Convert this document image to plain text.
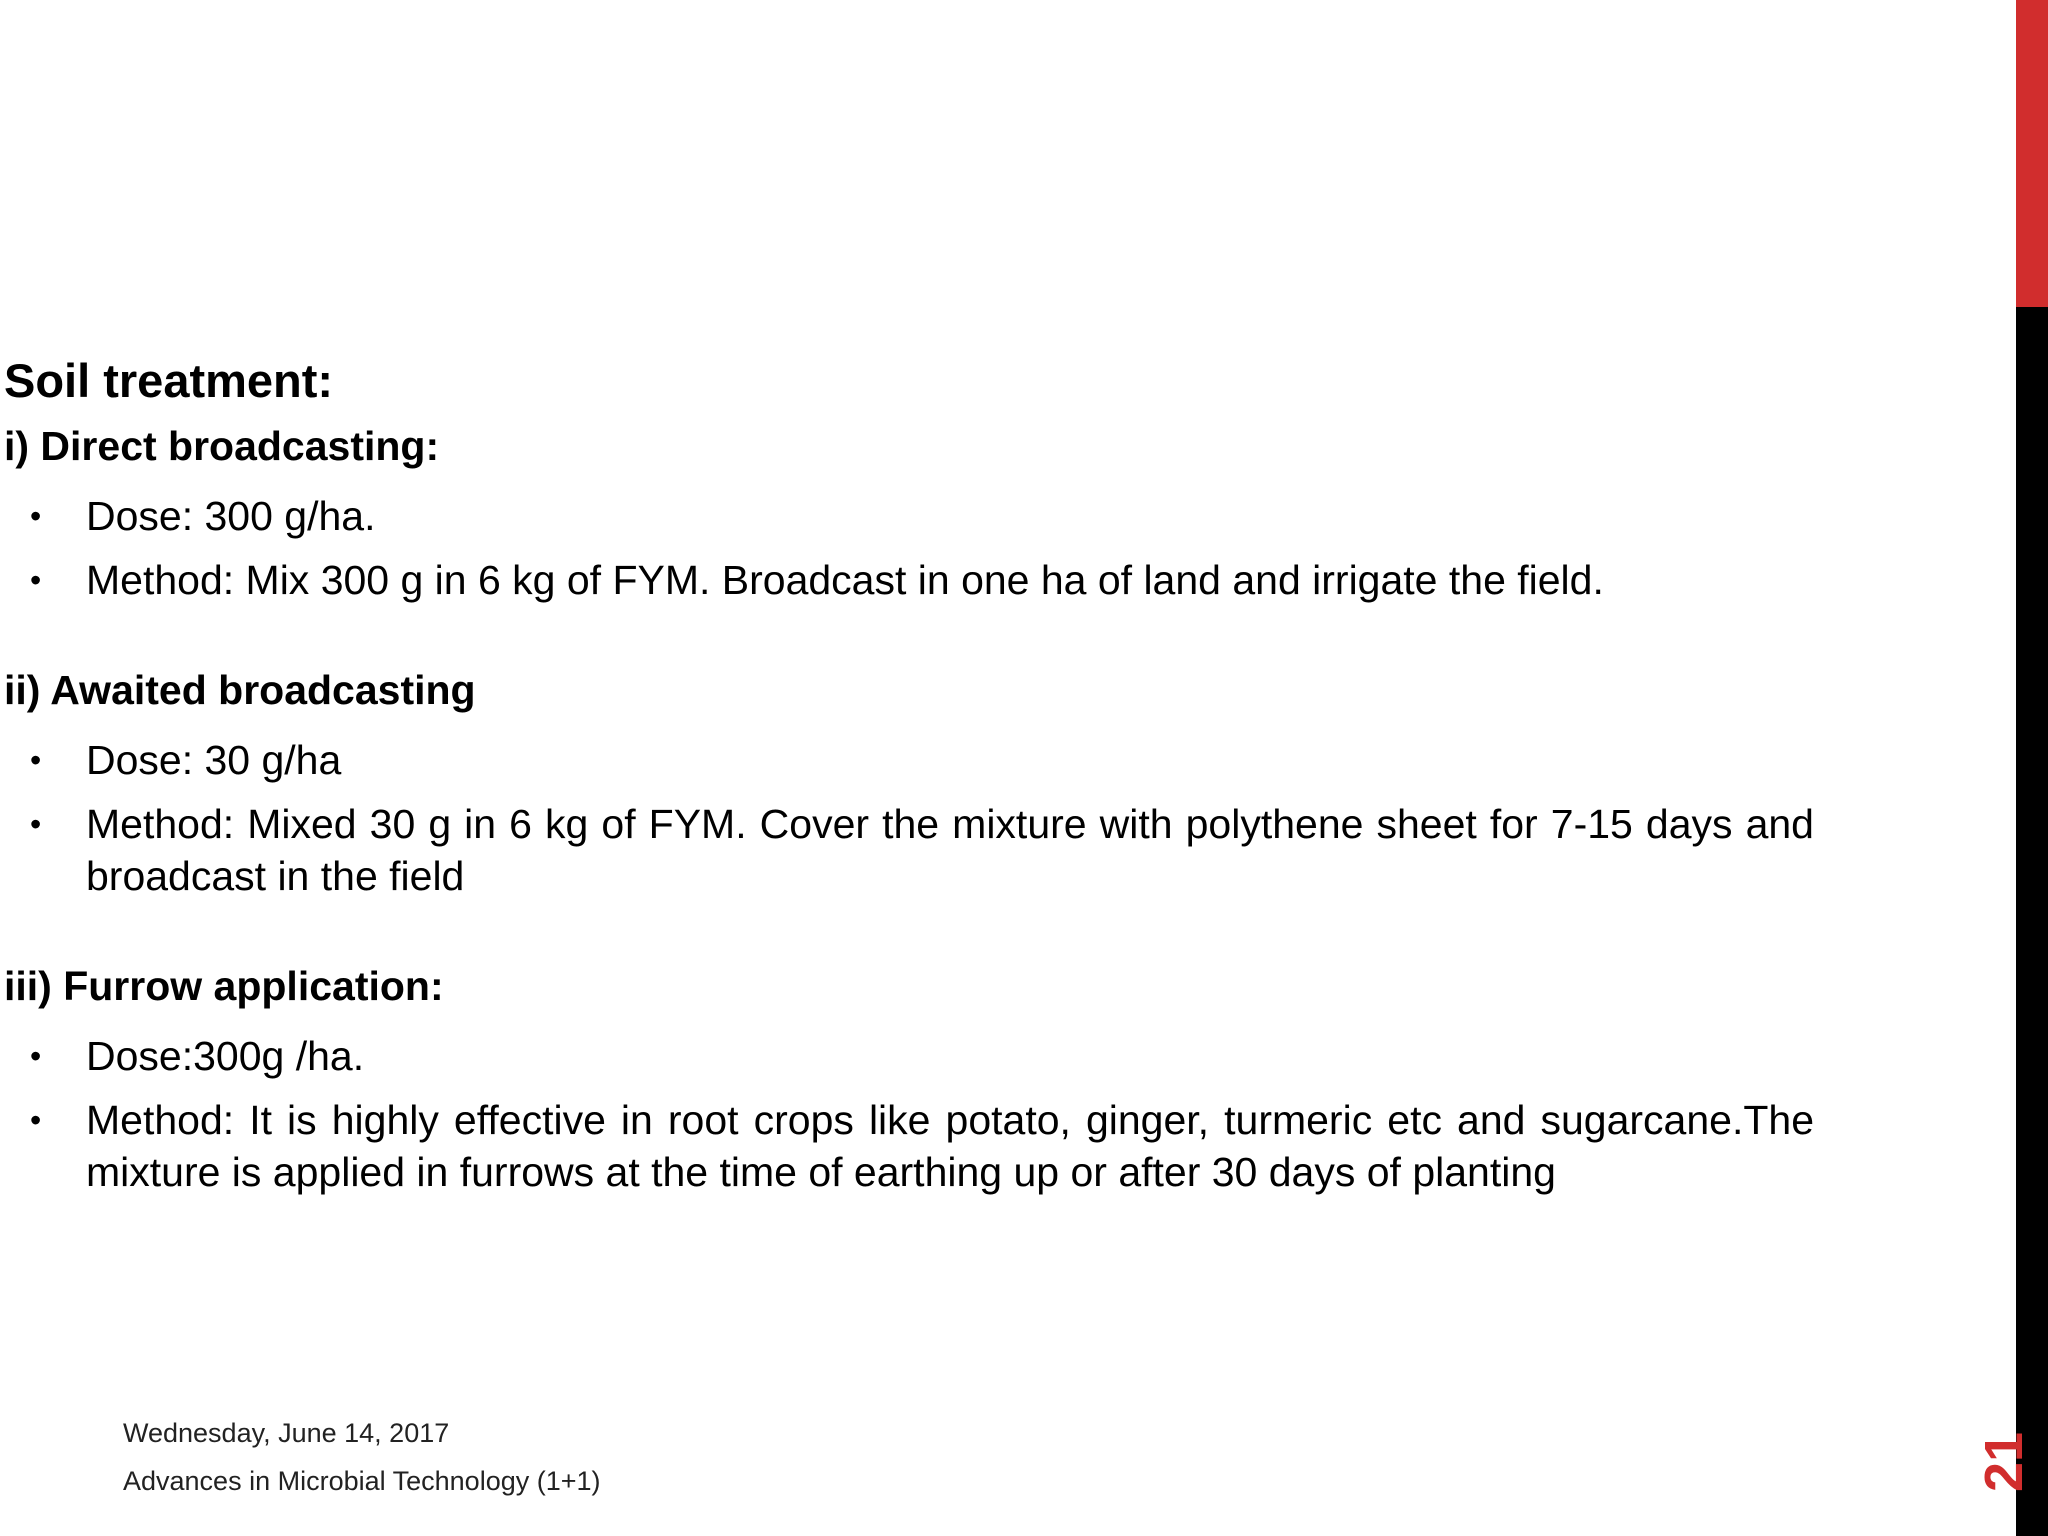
Soil treatment:
i) Direct broadcasting:
• Dose: 300 g/ha.
• Method: Mix 300 g in 6 kg of FYM. Broadcast in one ha of land and irrigate the field.
ii) Awaited broadcasting
• Dose: 30 g/ha
• Method: Mixed 30 g in 6 kg of FYM. Cover the mixture with polythene sheet for 7-15 days and broadcast in the field
iii) Furrow application:
• Dose:300g /ha.
• Method: It is highly effective in root crops like potato, ginger, turmeric etc and sugarcane.The mixture is applied in furrows at the time of earthing up or after 30 days of planting
Wednesday, June 14, 2017
Advances in Microbial Technology (1+1)	21
